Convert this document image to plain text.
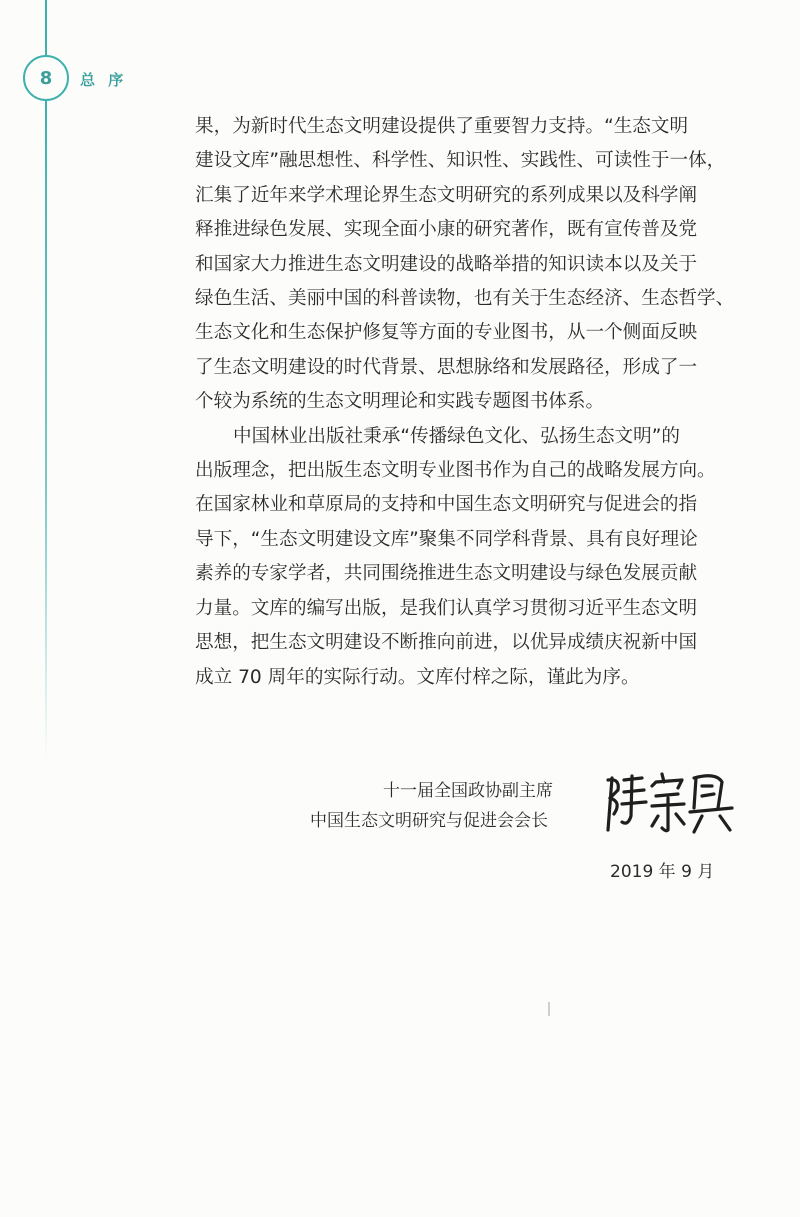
8 总 序
果，为新时代生态文明建设提供了重要智力支持。“生态文明
建设文库”融思想性、科学性、知识性、实践性、可读性于一体，
汇集了近年来学术理论界生态文明研究的系列成果以及科学阐
释推进绿色发展、实现全面小康的研究著作，既有宣传普及党
和国家大力推进生态文明建设的战略举措的知识读本以及关于
绿色生活、美丽中国的科普读物，也有关于生态经济、生态哲学、
生态文化和生态保护修复等方面的专业图书，从一个侧面反映
了生态文明建设的时代背景、思想脉络和发展路径，形成了一
个较为系统的生态文明理论和实践专题图书体系。
中国林业出版社秉承“传播绿色文化、弘扬生态文明”的
出版理念，把出版生态文明专业图书作为自己的战略发展方向。
在国家林业和草原局的支持和中国生态文明研究与促进会的指
导下，“生态文明建设文库”聚集不同学科背景、具有良好理论
素养的专家学者，共同围绕推进生态文明建设与绿色发展贡献
力量。文库的编写出版，是我们认真学习贯彻习近平生态文明
思想，把生态文明建设不断推向前进，以优异成绩庆祝新中国
成立 70 周年的实际行动。文库付梓之际，谨此为序。
十一届全国政协副主席
中国生态文明研究与促进会会长
2019 年 9 月
